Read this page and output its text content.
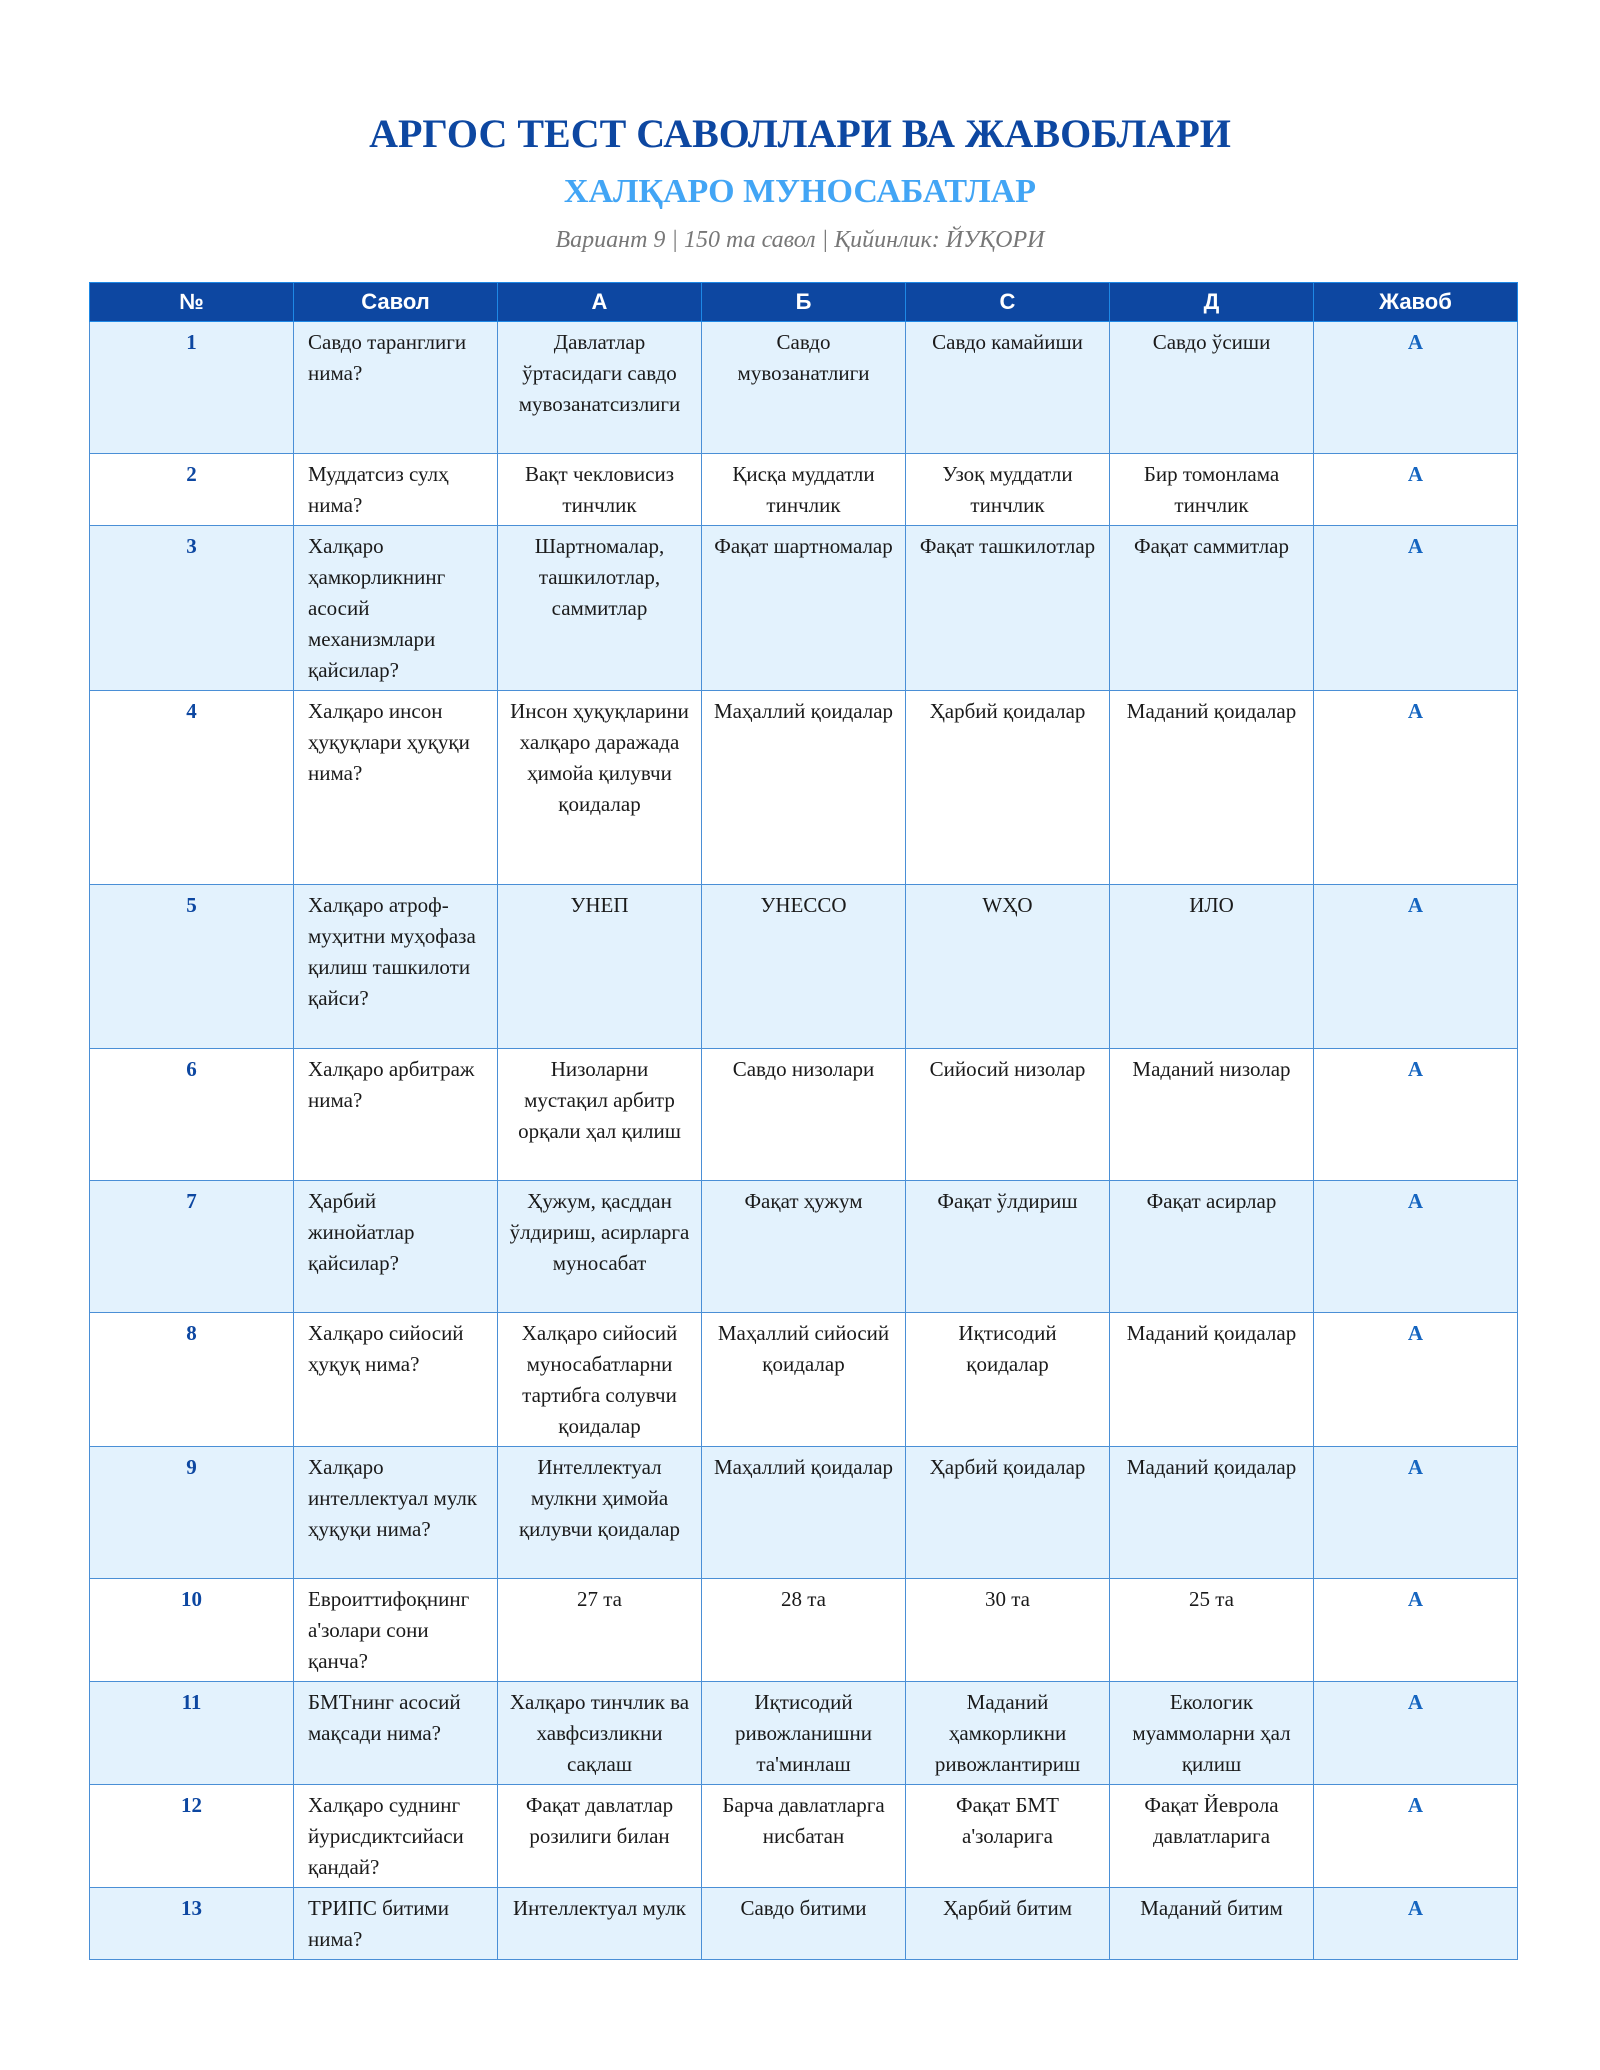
АРГОС ТЕСТ САВОЛЛАРИ ВА ЖАВОБЛАРИ
ХАЛҚАРО МУНОСАБАТЛАР
Вариант 9 | 150 та савол | Қийинлик: ЙУҚОРИ
№	Савол	А	Б	С	Д	Жавоб
1	Савдо таранглиги нима?	Давлатлар ўртасидаги савдо мувозанатсизлиги	Савдо мувозанатлиги	Савдо камайиши	Савдо ўсиши	А
2	Муддатсиз сулҳ нима?	Вақт чекловисиз тинчлик	Қисқа муддатли тинчлик	Узоқ муддатли тинчлик	Бир томонлама тинчлик	А
3	Халқаро ҳамкорликнинг асосий механизмлари қайсилар?	Шартномалар, ташкилотлар, саммитлар	Фақат шартномалар	Фақат ташкилотлар	Фақат саммитлар	А
4	Халқаро инсон ҳуқуқлари ҳуқуқи нима?	Инсон ҳуқуқларини халқаро даражада ҳимойа қилувчи қоидалар	Маҳаллий қоидалар	Ҳарбий қоидалар	Маданий қоидалар	А
5	Халқаро атроф-муҳитни муҳофаза қилиш ташкилоти қайси?	УНЕП	УНЕССО	WҲО	ИЛО	А
6	Халқаро арбитраж нима?	Низоларни мустақил арбитр орқали ҳал қилиш	Савдо низолари	Сийосий низолар	Маданий низолар	А
7	Ҳарбий жинойатлар қайсилар?	Ҳужум, қасддан ўлдириш, асирларга муносабат	Фақат ҳужум	Фақат ўлдириш	Фақат асирлар	А
8	Халқаро сийосий ҳуқуқ нима?	Халқаро сийосий муносабатларни тартибга солувчи қоидалар	Маҳаллий сийосий қоидалар	Иқтисодий қоидалар	Маданий қоидалар	А
9	Халқаро интеллектуал мулк ҳуқуқи нима?	Интеллектуал мулкни ҳимойа қилувчи қоидалар	Маҳаллий қоидалар	Ҳарбий қоидалар	Маданий қоидалар	А
10	Евроиттифоқнинг а'золари сони қанча?	27 та	28 та	30 та	25 та	А
11	БМТнинг асосий мақсади нима?	Халқаро тинчлик ва хавфсизликни сақлаш	Иқтисодий ривожланишни та'минлаш	Маданий ҳамкорликни ривожлантириш	Екологик муаммоларни ҳал қилиш	А
12	Халқаро суднинг йурисдиктсийаси қандай?	Фақат давлатлар розилиги билан	Барча давлатларга нисбатан	Фақат БМТ а'золарига	Фақат Йеврола давлатларига	А
13	ТРИПС битими нима?	Интеллектуал мулк	Савдо битими	Ҳарбий битим	Маданий битим	А
